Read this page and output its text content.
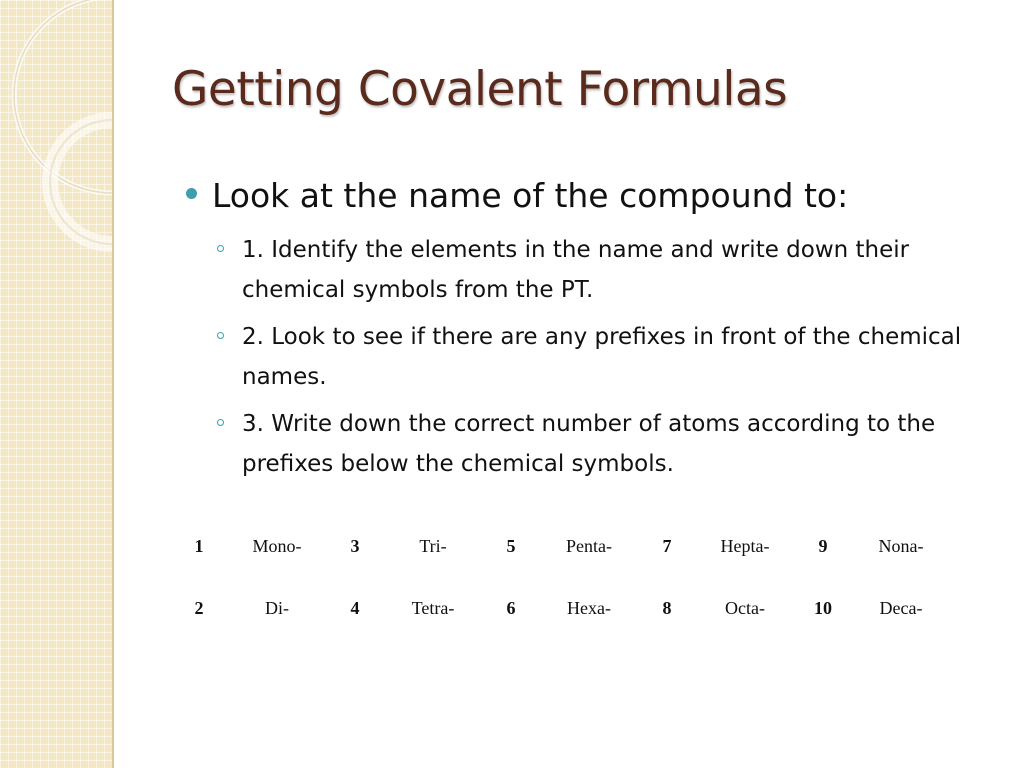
Getting Covalent Formulas
Look at the name of the compound to:
1. Identify the elements in the name and write down their chemical symbols from the PT.
2. Look to see if there are any prefixes in front of the chemical names.
3. Write down the correct number of atoms according to the prefixes below the chemical symbols.
1	Mono-	3	Tri-	5	Penta-	7	Hepta-	9	Nona-
2	Di-	4	Tetra-	6	Hexa-	8	Octa-	10	Deca-
